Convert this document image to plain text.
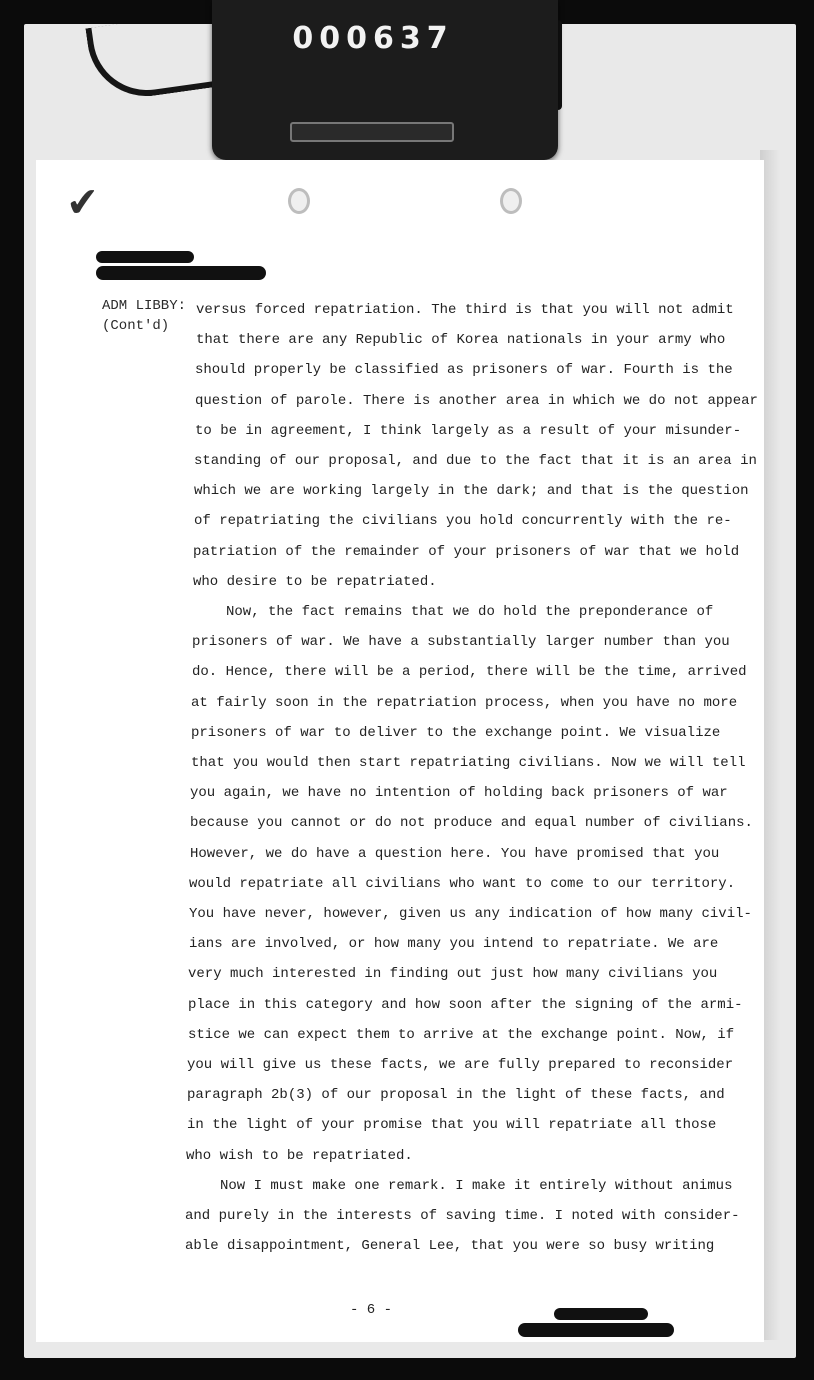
000637
✔
ADM LIBBY:
(Cont'd)
versus forced repatriation. The third is that you will not admit
that there are any Republic of Korea nationals in your army who
should properly be classified as prisoners of war. Fourth is the
question of parole. There is another area in which we do not appear
to be in agreement, I think largely as a result of your misunder-
standing of our proposal, and due to the fact that it is an area in
which we are working largely in the dark; and that is the question
of repatriating the civilians you hold concurrently with the re-
patriation of the remainder of your prisoners of war that we hold
who desire to be repatriated.
Now, the fact remains that we do hold the preponderance of
prisoners of war. We have a substantially larger number than you
do. Hence, there will be a period, there will be the time, arrived
at fairly soon in the repatriation process, when you have no more
prisoners of war to deliver to the exchange point. We visualize
that you would then start repatriating civilians. Now we will tell
you again, we have no intention of holding back prisoners of war
because you cannot or do not produce and equal number of civilians.
However, we do have a question here. You have promised that you
would repatriate all civilians who want to come to our territory.
You have never, however, given us any indication of how many civil-
ians are involved, or how many you intend to repatriate. We are
very much interested in finding out just how many civilians you
place in this category and how soon after the signing of the armi-
stice we can expect them to arrive at the exchange point. Now, if
you will give us these facts, we are fully prepared to reconsider
paragraph 2b(3) of our proposal in the light of these facts, and
in the light of your promise that you will repatriate all those
who wish to be repatriated.
Now I must make one remark. I make it entirely without animus
and purely in the interests of saving time. I noted with consider-
able disappointment, General Lee, that you were so busy writing
- 6 -
